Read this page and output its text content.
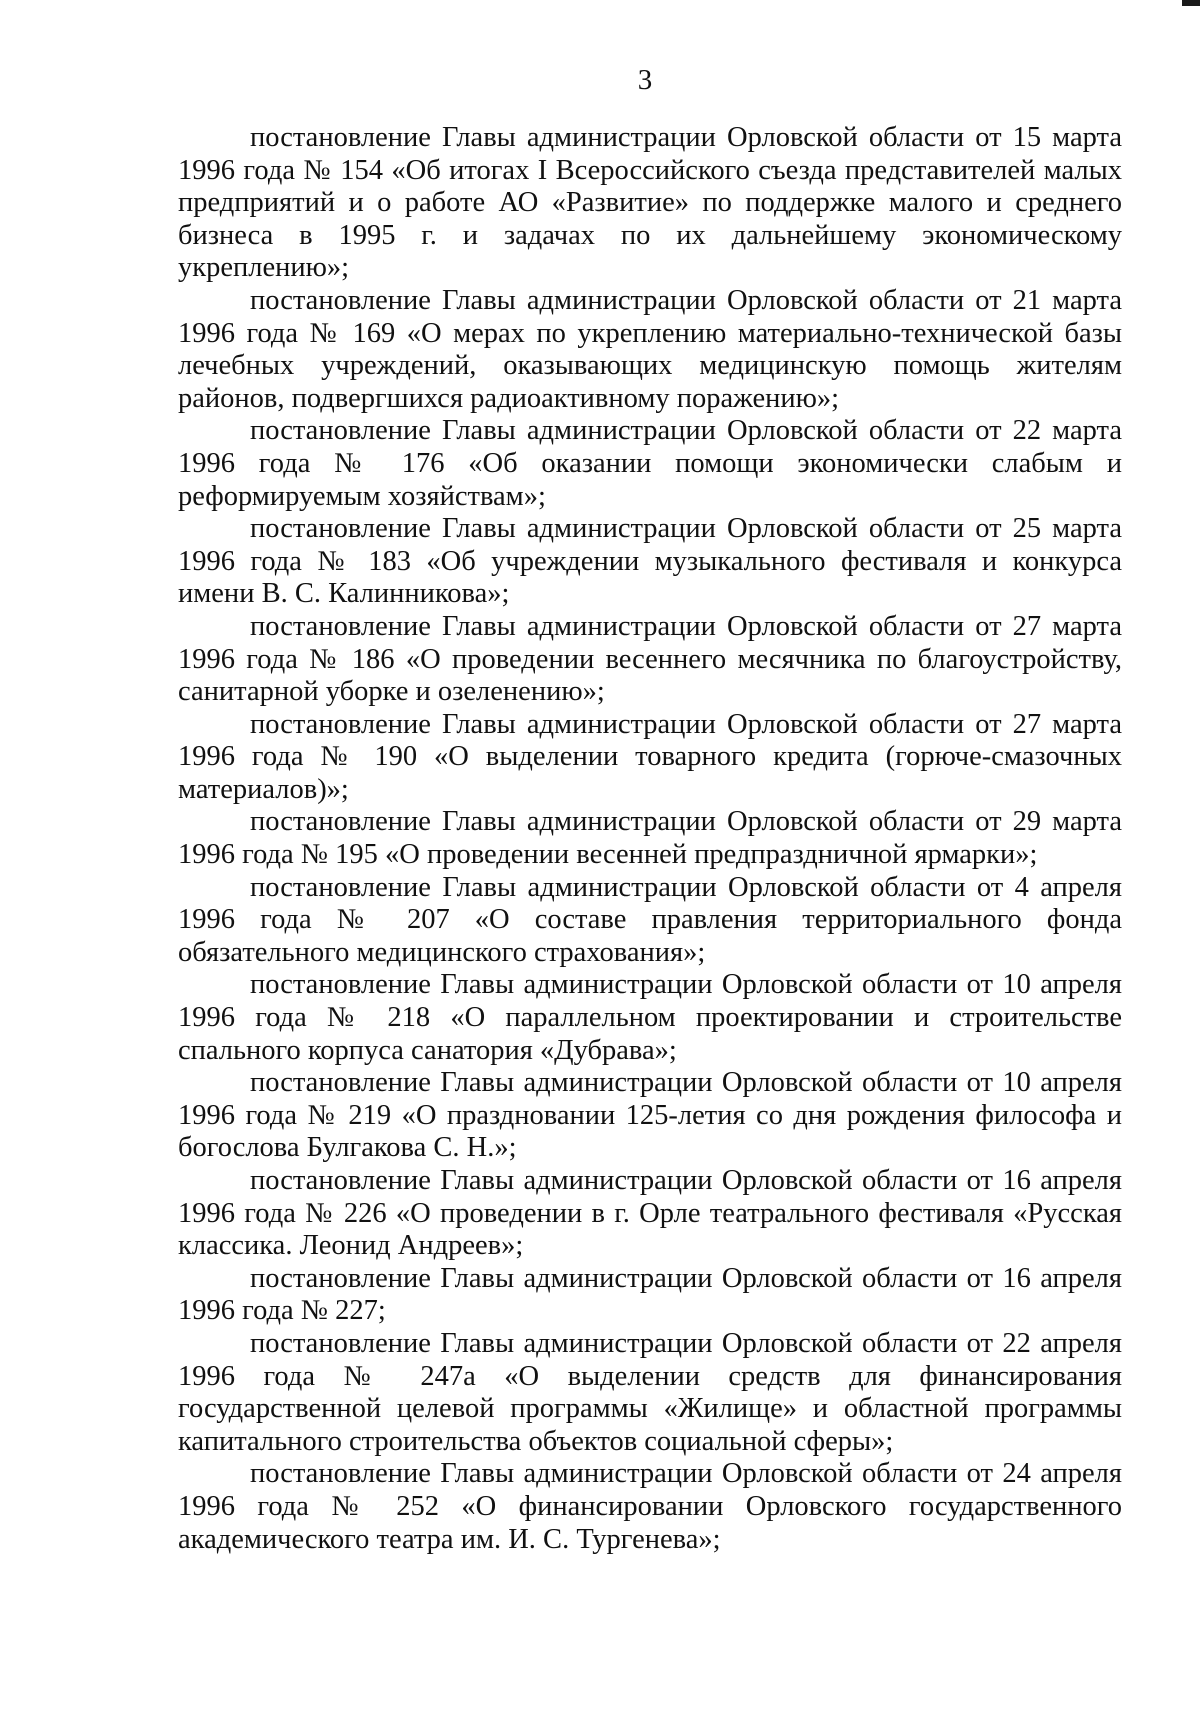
3

постановление Главы администрации Орловской области от 15 марта 1996 года № 154 «Об итогах I Всероссийского съезда представителей малых предприятий и о работе АО «Развитие» по поддержке малого и среднего бизнеса в 1995 г. и задачах по их дальнейшему экономическому укреплению»;

постановление Главы администрации Орловской области от 21 марта 1996 года № 169 «О мерах по укреплению материально-технической базы лечебных учреждений, оказывающих медицинскую помощь жителям районов, подвергшихся радиоактивному поражению»;

постановление Главы администрации Орловской области от 22 марта 1996 года № 176 «Об оказании помощи экономически слабым и реформируемым хозяйствам»;

постановление Главы администрации Орловской области от 25 марта 1996 года № 183 «Об учреждении музыкального фестиваля и конкурса имени В. С. Калинникова»;

постановление Главы администрации Орловской области от 27 марта 1996 года № 186 «О проведении весеннего месячника по благоустройству, санитарной уборке и озеленению»;

постановление Главы администрации Орловской области от 27 марта 1996 года № 190 «О выделении товарного кредита (горюче-смазочных материалов)»;

постановление Главы администрации Орловской области от 29 марта 1996 года № 195 «О проведении весенней предпраздничной ярмарки»;

постановление Главы администрации Орловской области от 4 апреля 1996 года № 207 «О составе правления территориального фонда обязательного медицинского страхования»;

постановление Главы администрации Орловской области от 10 апреля 1996 года № 218 «О параллельном проектировании и строительстве спального корпуса санатория «Дубрава»;

постановление Главы администрации Орловской области от 10 апреля 1996 года № 219 «О праздновании 125-летия со дня рождения философа и богослова Булгакова С. Н.»;

постановление Главы администрации Орловской области от 16 апреля 1996 года № 226 «О проведении в г. Орле театрального фестиваля «Русская классика. Леонид Андреев»;

постановление Главы администрации Орловской области от 16 апреля 1996 года № 227;

постановление Главы администрации Орловской области от 22 апреля 1996 года № 247а «О выделении средств для финансирования государственной целевой программы «Жилище» и областной программы капитального строительства объектов социальной сферы»;

постановление Главы администрации Орловской области от 24 апреля 1996 года № 252 «О финансировании Орловского государственного академического театра им. И. С. Тургенева»;
